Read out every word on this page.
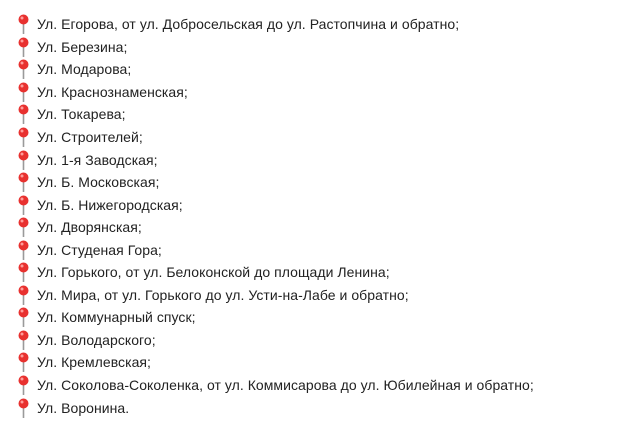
Ул. Егорова, от ул. Добросельская до ул. Растопчина и обратно;
Ул. Березина;
Ул. Модарова;
Ул. Краснознаменская;
Ул. Токарева;
Ул. Строителей;
Ул. 1-я Заводская;
Ул. Б. Московская;
Ул. Б. Нижегородская;
Ул. Дворянская;
Ул. Студеная Гора;
Ул. Горького, от ул. Белоконской до площади Ленина;
Ул. Мира, от ул. Горького до ул. Усти-на-Лабе и обратно;
Ул. Коммунарный спуск;
Ул. Володарского;
Ул. Кремлевская;
Ул. Соколова-Соколенка, от ул. Коммисарова до ул. Юбилейная и обратно;
Ул. Воронина.
